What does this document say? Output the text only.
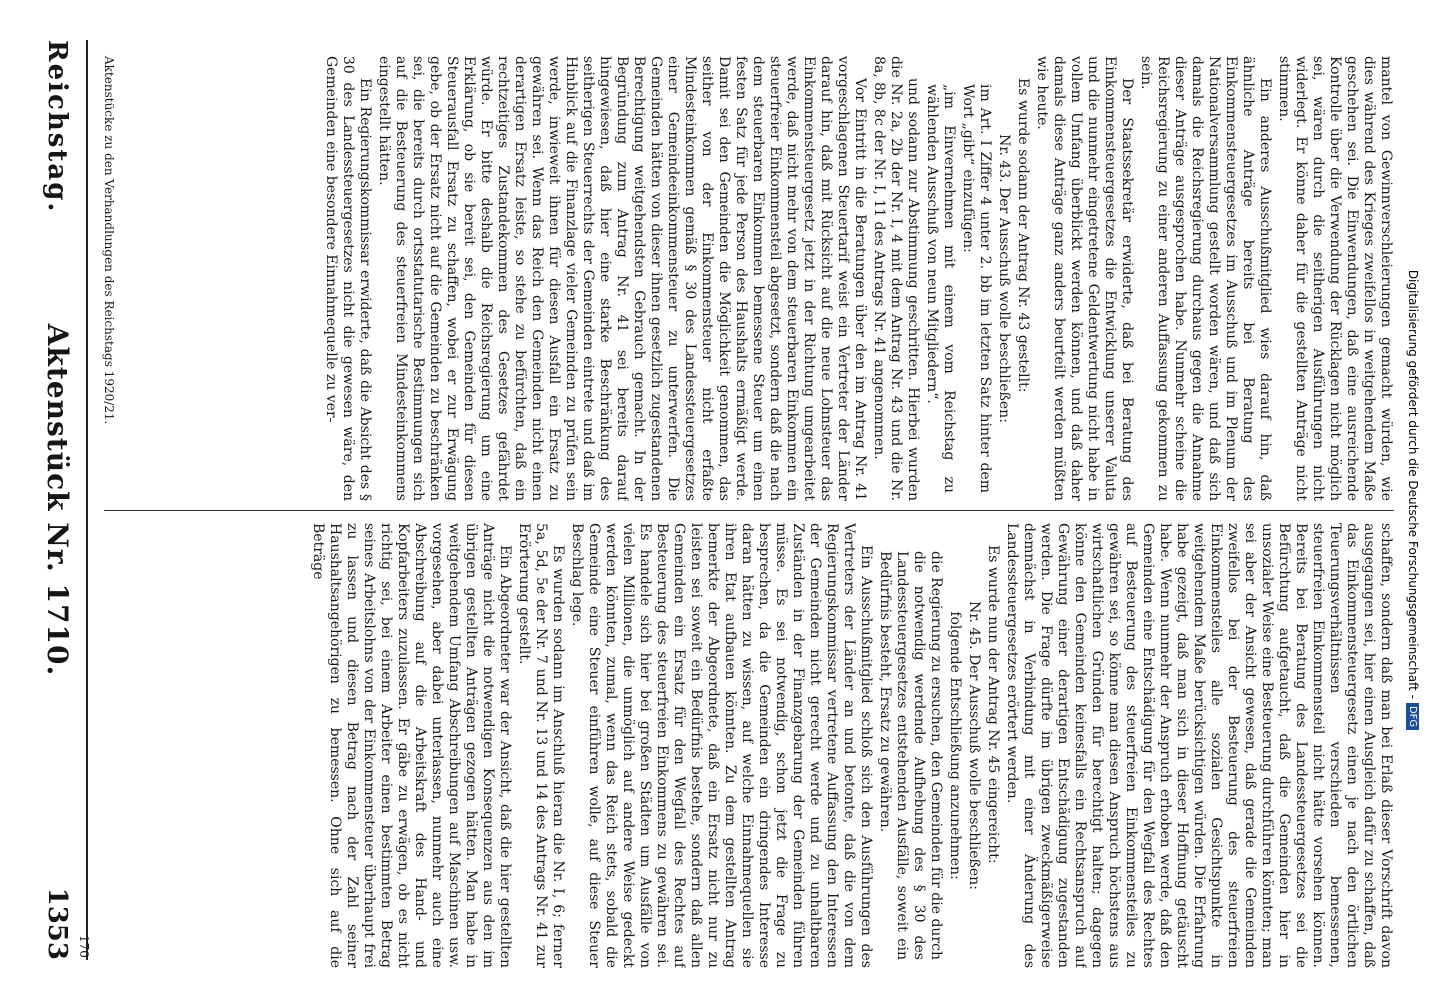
Reichstag.
Aktenstück Nr. 1710.
1353

mantel von Gewinnverschleierungen gemacht würden, wie dies während des Krieges zweifellos in weitgehendem Maße geschehen sei. Die Einwendungen, daß eine ausreichende Kontrolle über die Verwendung der Rücklagen nicht möglich sei, wären durch die seitherigen Ausführungen nicht widerlegt. Er könne daher für die gestellten Anträge nicht stimmen.

Ein anderes Ausschußmitglied wies darauf hin, daß ähnliche Anträge bereits bei Beratung des Einkommensteuergesetzes im Ausschuß und im Plenum der Nationalversammlung gestellt worden wären, und daß sich damals die Reichsregierung durchaus gegen die Annahme dieser Anträge ausgesprochen habe. Nunmehr scheine die Reichsregierung zu einer anderen Auffassung gekommen zu sein.

Der Staatssekretär erwiderte, daß bei Beratung des Einkommensteuergesetzes die Entwicklung unserer Valuta und die nunmehr eingetretene Geldentwertung nicht habe in vollem Umfang überblickt werden können, und daß daher damals diese Anträge ganz anders beurteilt werden müßten wie heute.

Es wurde sodann der Antrag Nr. 43 gestellt:

Nr. 43. Der Ausschuß wolle beschließen:

im Art. I Ziffer 4 unter 2. bb im letzten Satz hinter dem Wort „gibt“ einzufügen:

„im Einvernehmen mit einem vom Reichstag zu wählenden Ausschuß von neun Mitgliedern“.

und sodann zur Abstimmung geschritten. Hierbei wurden die Nr. 2a, 2b der Nr. I, 4 mit dem Antrag Nr. 43 und die Nr. 8a, 8b, 8c der Nr. I, 11 des Antrags Nr. 41 angenommen.

Vor Eintritt in die Beratungen über den im Antrag Nr. 41 vorgeschlagenen Steuertarif weist ein Vertreter der Länder darauf hin, daß mit Rücksicht auf die neue Lohnsteuer das Einkommensteuergesetz jetzt in der Richtung umgearbeitet werde, daß nicht mehr von dem steuerbaren Einkommen ein steuerfreier Einkommensteil abgesetzt, sondern daß die nach dem steuerbaren Einkommen bemessene Steuer um einen festen Satz für jede Person des Haushalts ermäßigt werde. Damit sei den Gemeinden die Möglichkeit genommen, das seither von der Einkommensteuer nicht erfaßte Mindesteinkommen gemäß § 30 des Landessteuergesetzes einer Gemeindeeinkommensteuer zu unterwerfen. Die Gemeinden hätten von dieser ihnen gesetzlich zugestandenen Berechtigung weitgehendsten Gebrauch gemacht. In der Begründung zum Antrag Nr. 41 sei bereits darauf hingewiesen, daß hier eine starke Beschränkung des seitherigen Steuerrechts der Gemeinden eintrete und daß im Hinblick auf die Finanzlage vieler Gemeinden zu prüfen sein werde, inwieweit ihnen für diesen Ausfall ein Ersatz zu gewähren sei. Wenn das Reich den Gemeinden nicht einen derartigen Ersatz leiste, so stehe zu befürchten, daß ein rechtzeitiges Zustandekommen des Gesetzes gefährdet würde. Er bitte deshalb die Reichsregierung um eine Erklärung, ob sie bereit sei, den Gemeinden für diesen Steuerausfall Ersatz zu schaffen, wobei er zur Erwägung gebe, ob der Ersatz nicht auf die Gemeinden zu beschränken sei, die bereits durch ortsstatutarische Bestimmungen sich auf die Besteuerung des steuerfreien Mindesteinkommens eingestellt hätten.

Ein Regierungskommissar erwiderte, daß die Absicht des § 30 des Landessteuergesetzes nicht die gewesen wäre, den Gemeinden eine besondere Einnahmequelle zu ver-

schaffen, sondern daß man bei Erlaß dieser Vorschrift davon ausgegangen sei, hier einen Ausgleich dafür zu schaffen, daß das Einkommensteuergesetz einen je nach den örtlichen Teuerungsverhältnissen verschieden bemessenen, steuerfreien Einkommensteil nicht hätte vorsehen können. Bereits bei Beratung des Landessteuergesetzes sei die Befürchtung aufgetaucht, daß die Gemeinden hier in unsozialer Weise eine Besteuerung durchführen könnten; man sei aber der Ansicht gewesen, daß gerade die Gemeinden zweifellos bei der Besteuerung des steuerfreien Einkommensteiles alle sozialen Gesichtspunkte in weitgehendem Maße berücksichtigen würden. Die Erfahrung habe gezeigt, daß man sich in dieser Hoffnung getäuscht habe. Wenn nunmehr der Anspruch erhoben werde, daß den Gemeinden eine Entschädigung für den Wegfall des Rechtes auf Besteuerung des steuerfreien Einkommensteiles zu gewähren sei, so könne man diesen Anspruch höchstens aus wirtschaftlichen Gründen für berechtigt halten; dagegen könne den Gemeinden keinesfalls ein Rechtsanspruch auf Gewährung einer derartigen Entschädigung zugestanden werden. Die Frage dürfte im übrigen zweckmäßigerweise demnächst in Verbindung mit einer Änderung des Landessteuergesetzes erörtert werden.

Es wurde nun der Antrag Nr. 45 eingereicht:

Nr. 45. Der Ausschuß wolle beschließen:

folgende Entschließung anzunehmen:

die Regierung zu ersuchen, den Gemeinden für die durch die notwendig werdende Aufhebung des § 30 des Landessteuergesetzes entstehenden Ausfälle, soweit ein Bedürfnis besteht, Ersatz zu gewähren.

Ein Ausschußmitglied schloß sich den Ausführungen des Vertreters der Länder an und betonte, daß die von dem Regierungskommissar vertretene Auffassung den Interessen der Gemeinden nicht gerecht werde und zu unhaltbaren Zuständen in der Finanzgebarung der Gemeinden führen müsse. Es sei notwendig, schon jetzt die Frage zu besprechen, da die Gemeinden ein dringendes Interesse daran hätten zu wissen, auf welche Einnahmequellen sie ihren Etat aufbauen könnten. Zu dem gestellten Antrag bemerkte der Abgeordnete, daß ein Ersatz nicht nur zu leisten sei soweit ein Bedürfnis bestehe, sondern daß allen Gemeinden ein Ersatz für den Wegfall des Rechtes auf Besteuerung des steuerfreien Einkommens zu gewähren sei. Es handele sich hier bei großen Städten um Ausfälle von vielen Millionen, die unmöglich auf andere Weise gedeckt werden könnten, zumal, wenn das Reich stets, sobald die Gemeinde eine Steuer einführen wolle, auf diese Steuer Beschlag lege.

Es wurden sodann im Anschluß hieran die Nr. I, 6; ferner 5a, 5d, 5e der Nr. 7 und Nr. 13 und 14 des Antrags Nr. 41 zur Erörterung gestellt.

Ein Abgeordneter war der Ansicht, daß die hier gestellten Anträge nicht die notwendigen Konsequenzen aus den im übrigen gestellten Anträgen gezogen hätten. Man habe in weitgehendem Umfang Abschreibungen auf Maschinen usw. vorgesehen, aber dabei unterlassen, nunmehr auch eine Abschreibung auf die Arbeitskraft des Hand- und Kopfarbeiters zuzulassen. Er gäbe zu erwägen, ob es nicht richtig sei, bei einem Arbeiter einen bestimmten Betrag seines Arbeitslohns von der Einkommensteuer überhaupt frei zu lassen und diesen Betrag nach der Zahl seiner Haushaltsangehörigen zu bemessen. Ohne sich auf die Beträge

Aktenstücke zu den Verhandlungen des Reichstags 1920/21.
170
Digitalisierung gefördert durch die Deutsche Forschungsgemeinschaft -DFG
